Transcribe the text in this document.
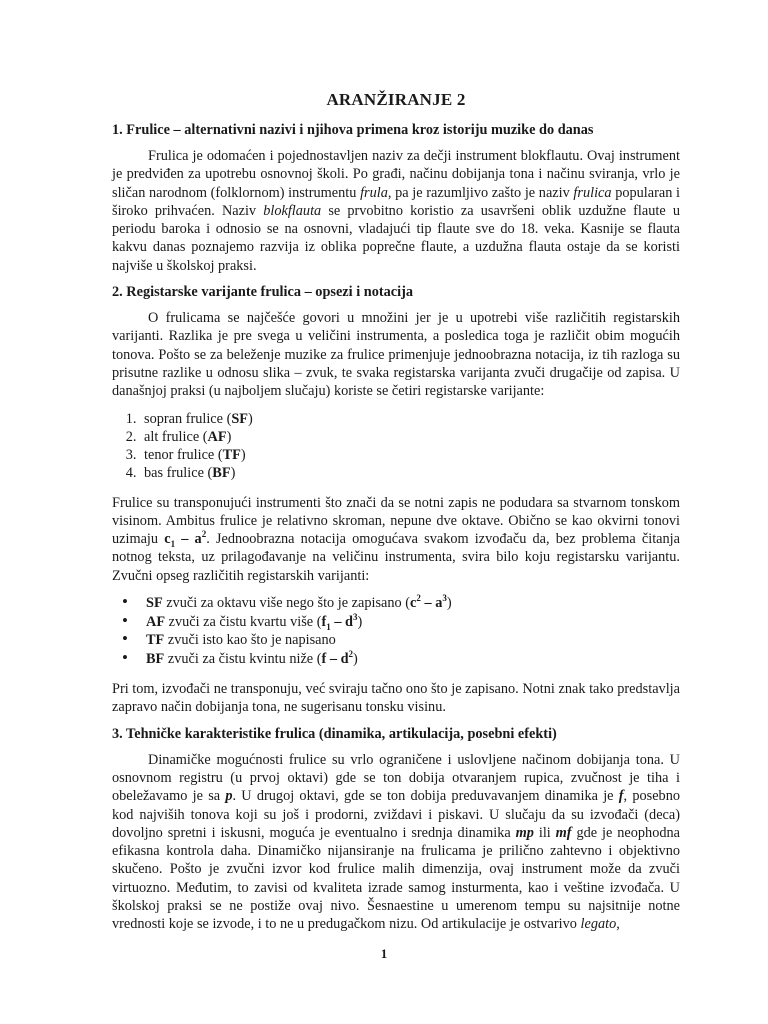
ARANŽIRANJE 2
1. Frulice – alternativni nazivi i njihova primena kroz istoriju muzike do danas

Frulica je odomaćen i pojednostavljen naziv za dečji instrument blokflautu. Ovaj instrument je predviđen za upotrebu osnovnoj školi. Po građi, načinu dobijanja tona i načinu sviranja, vrlo je sličan narodnom (folklornom) instrumentu frula, pa je razumljivo zašto je naziv frulica popularan i široko prihvaćen. Naziv blokflauta se prvobitno koristio za usavršeni oblik uzdužne flaute u periodu baroka i odnosio se na osnovni, vladajući tip flaute sve do 18. veka. Kasnije se flauta kakvu danas poznajemo razvija iz oblika poprečne flaute, a uzdužna flauta ostaje da se koristi najviše u školskoj praksi.

2. Registarske varijante frulica – opsezi i notacija

O frulicama se najčešće govori u množini jer je u upotrebi više različitih registarskih varijanti. Razlika je pre svega u veličini instrumenta, a posledica toga je različit obim mogućih tonova. Pošto se za beleženje muzike za frulice primenjuje jednoobrazna notacija, iz tih razloga su prisutne razlike u odnosu slika – zvuk, te svaka registarska varijanta zvuči drugačije od zapisa. U današnjoj praksi (u najboljem slučaju) koriste se četiri registarske varijante:

1. sopran frulice (SF)
2. alt frulice (AF)
3. tenor frulice (TF)
4. bas frulice (BF)

Frulice su transponujući instrumenti što znači da se notni zapis ne podudara sa stvarnom tonskom visinom. Ambitus frulice je relativno skroman, nepune dve oktave. Obično se kao okvirni tonovi uzimaju $c_1 - a^2$. Jednoobrazna notacija omogućava svakom izvođaču da, bez problema čitanja notnog teksta, uz prilagođavanje na veličinu instrumenta, svira bilo koju registarsku varijantu. Zvučni opseg različitih registarskih varijanti:

• SF zvuči za oktavu više nego što je zapisano $(c^2 - a^3)$
• AF zvuči za čistu kvartu više $(f_1 - d^3)$
• TF zvuči isto kao što je napisano
• BF zvuči za čistu kvintu niže $(f - d^2)$

Pri tom, izvođači ne transponuju, već sviraju tačno ono što je zapisano. Notni znak tako predstavlja zapravo način dobijanja tona, ne sugerisanu tonsku visinu.

3. Tehničke karakteristike frulica (dinamika, artikulacija, posebni efekti)

Dinamičke mogućnosti frulice su vrlo ograničene i uslovljene načinom dobijanja tona. U osnovnom registru (u prvoj oktavi) gde se ton dobija otvaranjem rupica, zvučnost je tiha i obeležavamo je sa p. U drugoj oktavi, gde se ton dobija preduvavanjem dinamika je f, posebno kod najviših tonova koji su još i prodorni, zviždavi i piskavi. U slučaju da su izvođači (deca) dovoljno spretni i iskusni, moguća je eventualno i srednja dinamika mp ili mf gde je neophodna efikasna kontrola daha. Dinamičko nijansiranje na frulicama je prilično zahtevno i objektivno skučeno. Pošto je zvučni izvor kod frulice malih dimenzija, ovaj instrument može da zvuči virtuozno. Međutim, to zavisi od kvaliteta izrade samog insturmenta, kao i veštine izvođača. U školskoj praksi se ne postiže ovaj nivo. Šesnaestine u umerenom tempu su najsitnije notne vrednosti koje se izvode, i to ne u predugačkom nizu. Od artikulacije je ostvarivo legato,

1
